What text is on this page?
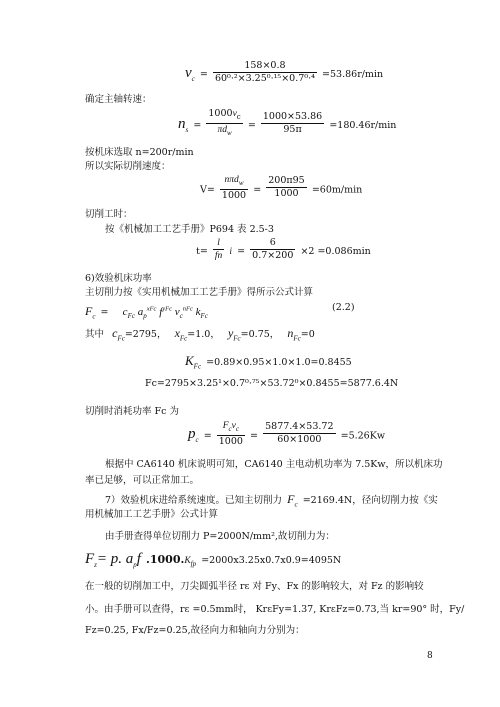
$v_c = \frac{158\times 0.8}{\text{60⁰·²×3.25⁰·¹⁵×0.7⁰·⁴}} =53.86r/\min$
确定主轴转速：
$n_s = \frac{1000v_c}{\pi d_w} = \frac{1000\times 53.86}{95\pi} =180.46r/\min$
按机床选取 n=200r/min
所以实际切削速度：
$V= \frac{n\pi d_w}{1000} = \frac{200\pi 95}{1000} =60m/\min$
切削工时：
按《机械加工工艺手册》P694 表 2.5-3
$t= \frac{l}{fn}$ $i = \frac{6}{0.7\times 200} \times 2 =0.086\min$
6)效验机床功率
主切削力按《实用机械加工工艺手册》得所示公式计算
$F_c$ =    $c_{Fc}$ $a_p^{xFc}$ $f^{yFc}$ $v_c^{nFc}$ $k_{Fc}$
(2.2)
其中  $c_{Fc}=2795$，  $x_{Fc}=1.0$，  $y_{Fc}=0.75$，  $n_{Fc}=0$
$K_{Fc} =0.89\times 0.95\times 1.0\times 1.0=0.8455$
Fc=2795×3.25¹×0.7⁰·⁷⁵×53.72⁰×0.8455=5877.6.4N
切削时消耗功率 Fc 为
$p_c = \frac{F_cv_c}{1000} = \frac{5877.4\times 53.72}{60\times 1000} =5.26Kw$
根据中 CA6140 机床说明可知，CA6140 主电动机功率为 7.5Kw，所以机床功
率已足够，可以正常加工。
7）效验机床进给系统速度。已知主切削力 $F_c =2169.4N$，径向切削力按《实
用机械加工工艺手册》公式计算
由手册查得单位切削力 P=2000N/mm²,故切削力为：
$F_z= p$. $a_pf$ $.1000.K_{fp} =2000x3.25x0.7x0.9=4095N$
在一般的切削加工中，刀尖圆弧半径 rε 对 Fy、Fx 的影响较大，对 Fz 的影响较
小。由手册可以查得，rε =0.5mm时， KrεFy=1.37, KrεFz=0.73,当 kr=90° 时，Fy/
Fz=0.25, Fx/Fz=0.25,故径向力和轴向力分别为：
8
